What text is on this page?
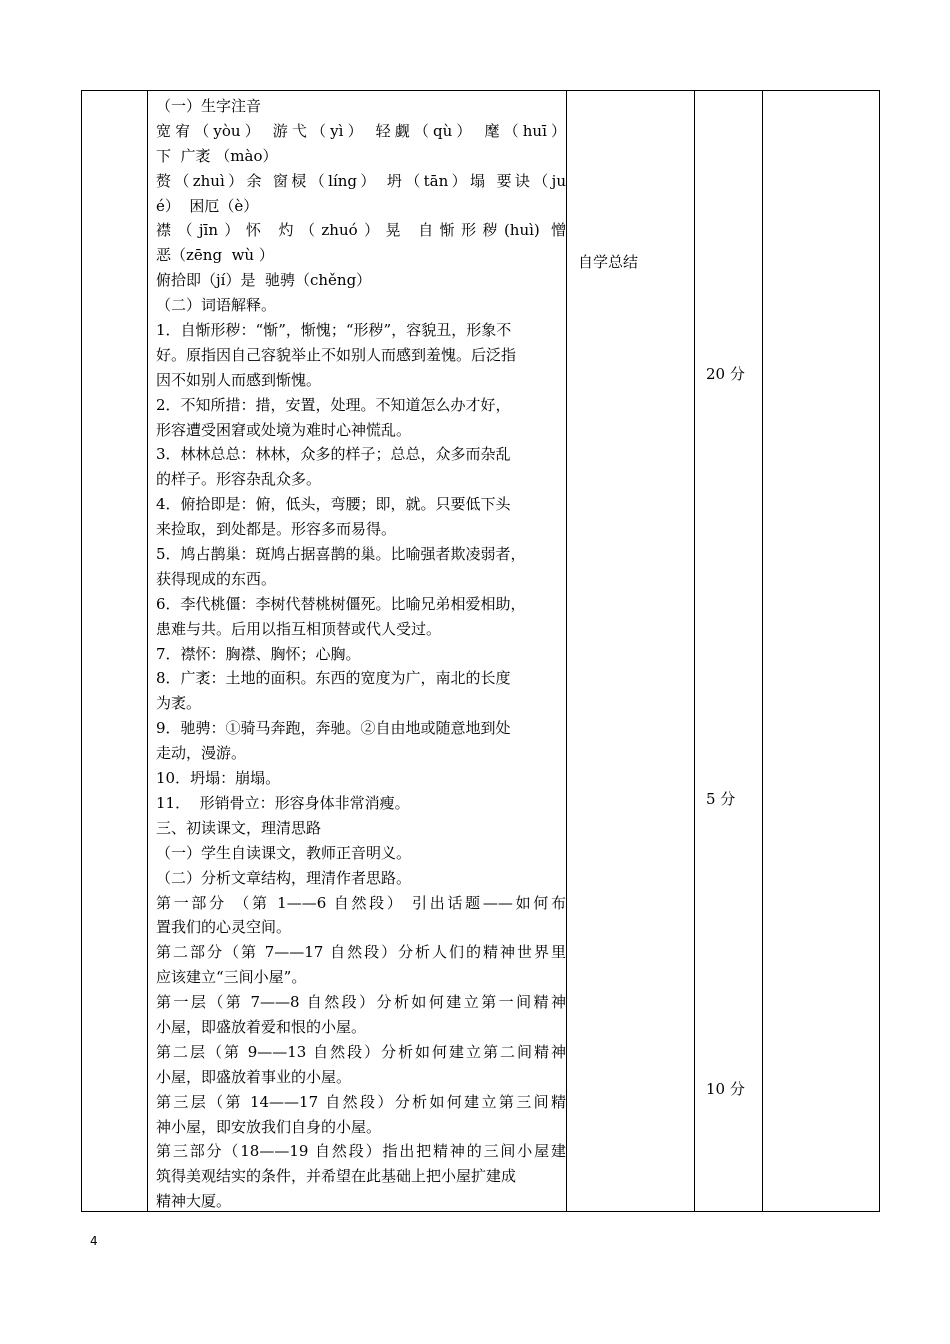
（一）生字注音
宽宥（yòu） 游弋（yì） 轻觑（qù） 麾（huī）
下  广袤 （mào）
赘（zhuì）余 窗棂（líng） 坍（tān）塌 要诀（ju
é）  困厄（è）
襟（jīn）怀 灼（zhuó）晃 自惭形秽(huì) 憎
恶（zēng  wù ）
俯拾即（jí）是  驰骋（chěng）
（二）词语解释。
1．自惭形秽：“惭”，惭愧；“形秽”，容貌丑，形象不
好。原指因自己容貌举止不如别人而感到羞愧。后泛指
因不如别人而感到惭愧。
2．不知所措：措，安置，处理。不知道怎么办才好，
形容遭受困窘或处境为难时心神慌乱。
3．林林总总：林林，众多的样子；总总，众多而杂乱
的样子。形容杂乱众多。
4．俯拾即是：俯，低头，弯腰；即，就。只要低下头
来捡取，到处都是。形容多而易得。
5．鸠占鹊巢：斑鸠占据喜鹊的巢。比喻强者欺凌弱者，
获得现成的东西。
6．李代桃僵：李树代替桃树僵死。比喻兄弟相爱相助，
患难与共。后用以指互相顶替或代人受过。
7．襟怀：胸襟、胸怀；心胸。
8．广袤：土地的面积。东西的宽度为广，南北的长度
为袤。
9．驰骋：①骑马奔跑，奔驰。②自由地或随意地到处
走动，漫游。
10．坍塌：崩塌。
11．  形销骨立：形容身体非常消瘦。
三、初读课文，理清思路
（一）学生自读课文，教师正音明义。
（二）分析文章结构，理清作者思路。
第一部分 （第 1——6 自然段） 引出话题——如何布
置我们的心灵空间。
第二部分（第 7——17 自然段）分析人们的精神世界里
应该建立“三间小屋”。
第一层（第 7——8 自然段）分析如何建立第一间精神
小屋，即盛放着爱和恨的小屋。
第二层（第 9——13 自然段）分析如何建立第二间精神
小屋，即盛放着事业的小屋。
第三层（第 14——17 自然段）分析如何建立第三间精
神小屋，即安放我们自身的小屋。
第三部分（18——19 自然段）指出把精神的三间小屋建
筑得美观结实的条件，并希望在此基础上把小屋扩建成
精神大厦。
自学总结
20 分
5 分
10 分
4
